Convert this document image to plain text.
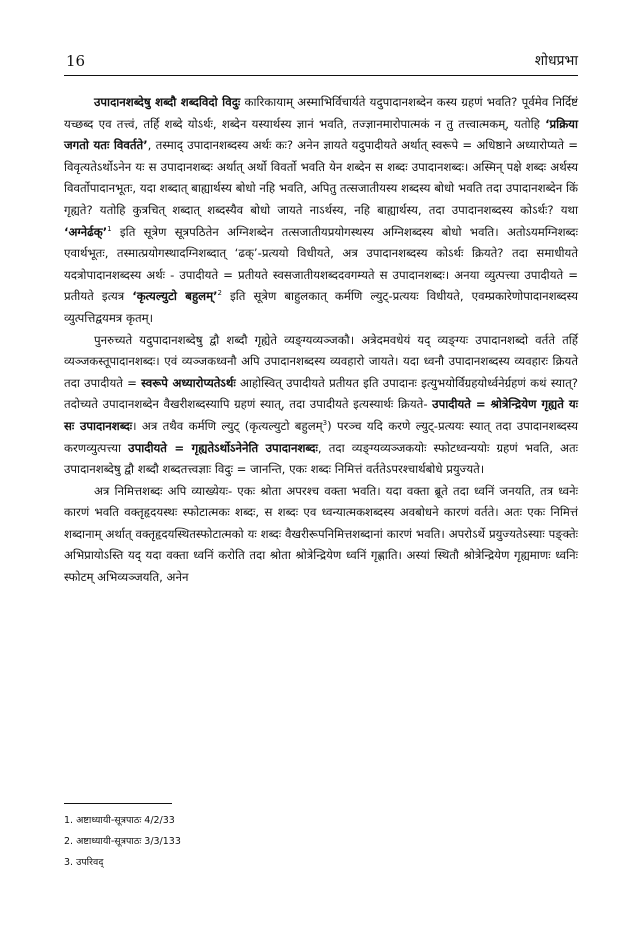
16	शोधप्रभा

उपादानशब्देषु शब्दौ शब्दविदो विदुः कारिकायाम् अस्माभिर्विचार्यते यदुपादानशब्देन कस्य ग्रहणं भवति? पूर्वमेव निर्दिष्टं यच्छब्द एव तत्त्वं, तर्हि शब्दे योऽर्थः, शब्देन यस्यार्थस्य ज्ञानं भवति, तज्ज्ञानमारोपात्मकं न तु तत्त्वात्मकम्, यतोहि ‘प्रक्रिया जगतो यतः विवर्तते’, तस्माद् उपादानशब्दस्य अर्थः कः? अनेन ज्ञायते यदुपादीयते अर्थात् स्वरूपे = अधिष्ठाने अध्यारोप्यते = विवृत्यतेऽर्थोऽनेन यः स उपादानशब्दः अर्थात् अर्थो विवर्तो भवति येन शब्देन स शब्दः उपादानशब्दः। अस्मिन् पक्षे शब्दः अर्थस्य विवर्तोपादानभूतः, यदा शब्दात् बाह्यार्थस्य बोधो नहि भवति, अपितु तत्सजातीयस्य शब्दस्य बोधो भवति तदा उपादानशब्देन किं गृह्यते? यतोहि कुत्रचित् शब्दात् शब्दस्यैव बोधो जायते नाऽर्थस्य, नहि बाह्यार्थस्य, तदा उपादानशब्दस्य कोऽर्थः? यथा ‘अग्नेर्ढक्’$^1$ इति सूत्रेण सूत्रपठितेन अग्निशब्देन तत्सजातीयप्रयोगस्थस्य अग्निशब्दस्य बोधो भवति। अतोऽयमग्निशब्दः एवार्थभूतः, तस्मात्प्रयोगस्थादग्निशब्दात् ‘ढक्’-प्रत्ययो विधीयते, अत्र उपादानशब्दस्य कोऽर्थः क्रियते? तदा समाधीयते यदत्रोपादानशब्दस्य अर्थः - उपादीयते = प्रतीयते स्वसजातीयशब्ददवगम्यते स उपादानशब्दः। अनया व्युत्पत्त्या उपादीयते = प्रतीयते इत्यत्र ‘कृत्यल्युटो बहुलम्’$^2$ इति सूत्रेण बाहुलकात् कर्मणि ल्युट्-प्रत्ययः विधीयते, एवम्प्रकारेणोपादानशब्दस्य व्युत्पत्तिद्वयमत्र कृतम्।

पुनरुच्यते यदुपादानशब्देषु द्वौ शब्दौ गृह्येते व्यङ्ग्यव्यञ्जकौ। अत्रेदमवधेयं यद् व्यङ्ग्यः उपादानशब्दो वर्तते तर्हि व्यञ्जकस्तूपादानशब्दः। एवं व्यञ्जकध्वनौ अपि उपादानशब्दस्य व्यवहारो जायते। यदा ध्वनौ उपादानशब्दस्य व्यवहारः क्रियते तदा उपादीयते = स्वरूपे अध्यारोप्यतेऽर्थः आहोस्वित् उपादीयते प्रतीयत इति उपादानः इत्युभयोर्विग्रहयोर्ध्वनेर्ग्रहणं कथं स्यात्? तदोच्यते उपादानशब्देन वैखरीशब्दस्यापि ग्रहणं स्यात्, तदा उपादीयते इत्यस्यार्थः क्रियते- उपादीयते = श्रोत्रेन्द्रियेण गृह्यते यः सः उपादानशब्दः। अत्र तथैव कर्मणि ल्युट् (कृत्यल्युटो बहुलम्$^3$) परञ्च यदि करणे ल्युट्-प्रत्ययः स्यात् तदा उपादानशब्दस्य करणव्युत्पत्त्या उपादीयते = गृह्यतेऽर्थोऽनेनेति उपादानशब्दः, तदा व्यङ्ग्यव्यञ्जकयोः स्फोटध्वन्ययोः ग्रहणं भवति, अतः उपादानशब्देषु द्वौ शब्दौ शब्दतत्त्वज्ञाः विदुः = जानन्ति, एकः शब्दः निमित्तं वर्ततेऽपरश्चार्थबोधे प्रयुज्यते।

अत्र निमित्तशब्दः अपि व्याख्येयः- एकः श्रोता अपरश्च वक्ता भवति। यदा वक्ता ब्रूते तदा ध्वनिं जनयति, तत्र ध्वनेः कारणं भवति वक्तृहृदयस्थः स्फोटात्मकः शब्दः, स शब्दः एव ध्वन्यात्मकशब्दस्य अवबोधने कारणं वर्तते। अतः एकः निमित्तं शब्दानाम् अर्थात् वक्तृहृदयस्थितस्फोटात्मको यः शब्दः वैखरीरूपनिमित्तशब्दानां कारणं भवति। अपरोऽर्थे प्रयुज्यतेऽस्याः पङ्क्तेः अभिप्रायोऽस्ति यद् यदा वक्ता ध्वनिं करोति तदा श्रोता श्रोत्रेन्द्रियेण ध्वनिं गृह्णाति। अस्यां स्थितौ श्रोत्रेन्द्रियेण गृह्यमाणः ध्वनिः स्फोटम् अभिव्यञ्जयति, अनेन

1. अष्टाध्यायी-सूत्रपाठः 4/2/33
2. अष्टाध्यायी-सूत्रपाठः 3/3/133
3. उपरिवद्
